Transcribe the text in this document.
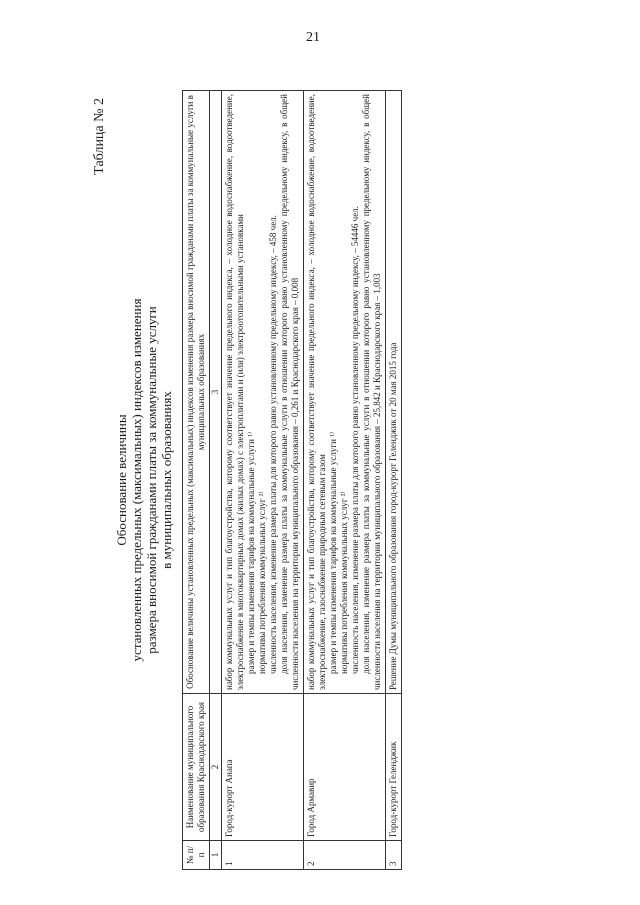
21
Таблица № 2
Обоснование величины установленных предельных (максимальных) индексов изменения размера вносимой гражданами платы за коммунальные услуги в муниципальных образованиях
№ п/п	Наименование муниципального образования Краснодарского края	Обоснование величины установленных предельных (максимальных) индексов изменения размера вносимой гражданами платы за коммунальные услуги в муниципальных образованиях
1	2	3
1	Город-курорт Анапа	набор коммунальных услуг и тип благоустройства, которому соответствует значение предельного индекса, – холодное водоснабжение, водоотведение, электроснабжение в многоквартирных домах (жилых домах) с электроплитами и (или) электроотопительными установками размер и темпы изменения тарифов на коммунальные услуги ¹⁾ нормативы потребления коммунальных услуг ²⁾ численность населения, изменение размера платы для которого равно установленному предельному индексу, – 458 чел. доля населения, изменение размера платы за коммунальные услуги в отношении которого равно установленному предельному индексу, в общей численности населения на территории муниципального образования – 0,261 и Краснодарского края – 0,008

2	Город Армавир	набор коммунальных услуг и тип благоустройства, которому соответствует значение предельного индекса, – холодное водоснабжение, водоотведение, электроснабжение, газоснабжение природным сетевым газом размер и темпы изменения тарифов на коммунальные услуги ¹⁾ нормативы потребления коммунальных услуг ²⁾ численность населения, изменение размера платы для которого равно установленному предельному индексу, – 54446 чел. доля населения, изменение размера платы за коммунальные услуги в отношении которого равно установленному предельному индексу, в общей численности населения на территории муниципального образования – 25,842 и Краснодарского края – 1,003

3	Город-курорт Геленджик	Решение Думы муниципального образования город-курорт Геленджик от 20 мая 2015 года
